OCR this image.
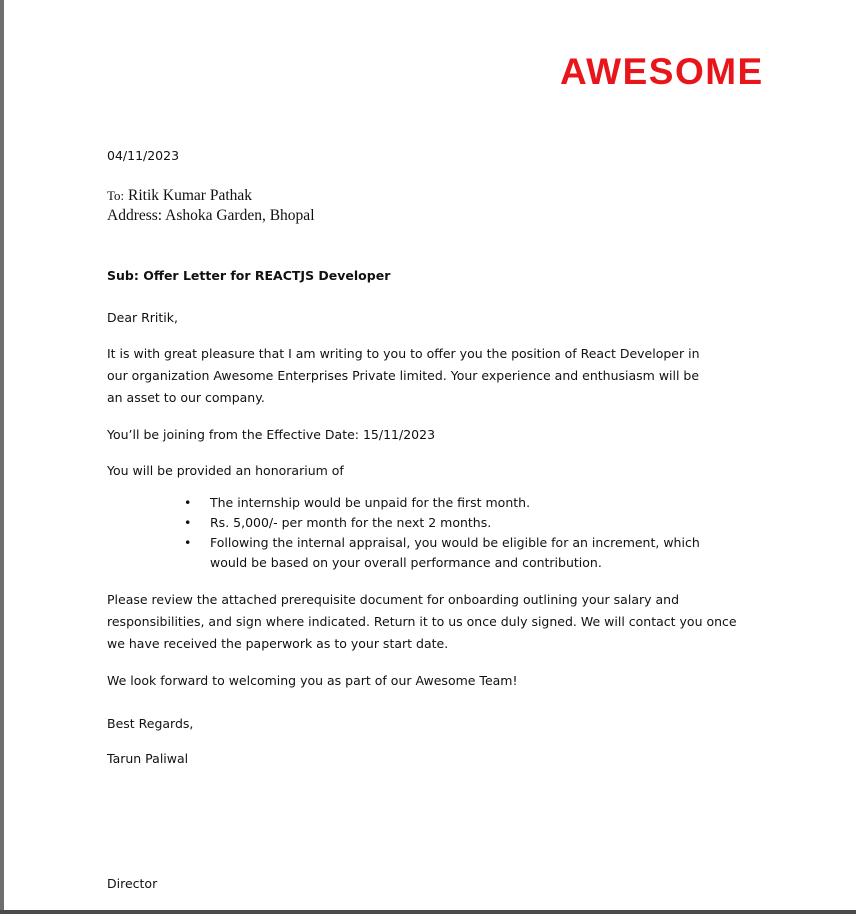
AWESOME
04/11/2023
To: Ritik Kumar Pathak
Address: Ashoka Garden, Bhopal
Sub: Offer Letter for REACTJS Developer
Dear Rritik,
It is with great pleasure that I am writing to you to offer you the position of React Developer in
our organization Awesome Enterprises Private limited. Your experience and enthusiasm will be
an asset to our company.
You’ll be joining from the Effective Date: 15/11/2023
You will be provided an honorarium of
• The internship would be unpaid for the first month.
• Rs. 5,000/- per month for the next 2 months.
• Following the internal appraisal, you would be eligible for an increment, which
would be based on your overall performance and contribution.
Please review the attached prerequisite document for onboarding outlining your salary and
responsibilities, and sign where indicated. Return it to us once duly signed. We will contact you once
we have received the paperwork as to your start date.
We look forward to welcoming you as part of our Awesome Team!
Best Regards,
Tarun Paliwal
Director
